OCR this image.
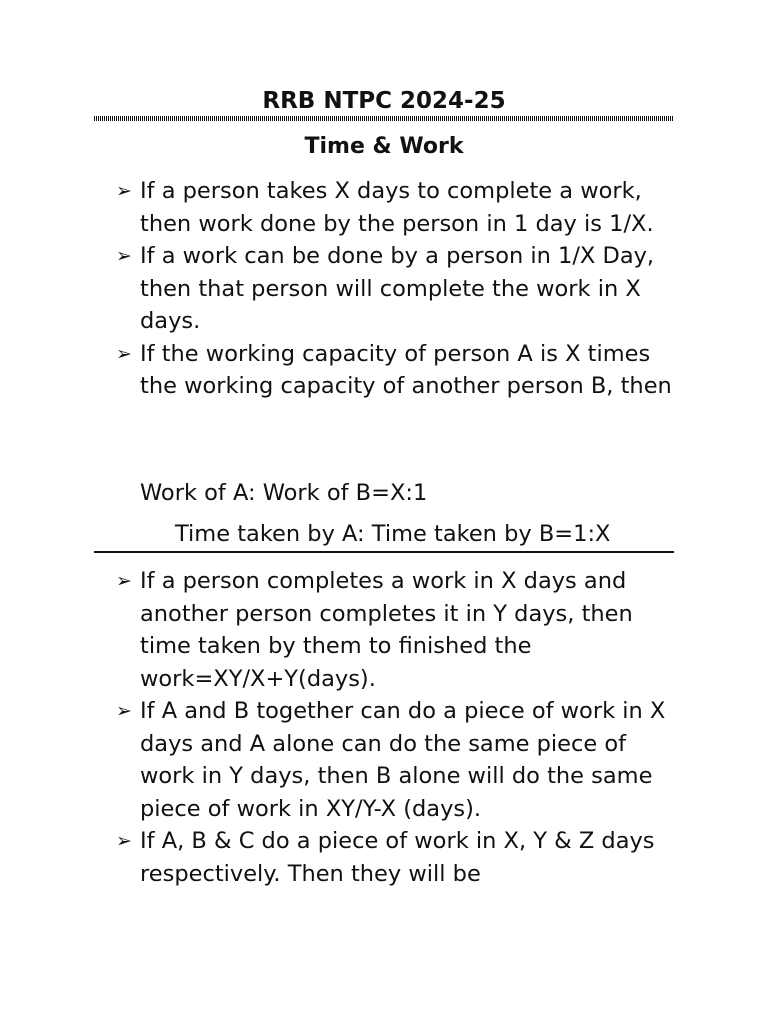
RRB NTPC 2024-25
Time & Work
➢ If a person takes X days to complete a work, then work done by the person in 1 day is 1/X.
➢ If a work can be done by a person in 1/X Day, then that person will complete the work in X days.
➢ If the working capacity of person A is X times the working capacity of another person B, then

Work of A: Work of B=X:1

Time taken by A: Time taken by B=1:X

➢ If a person completes a work in X days and another person completes it in Y days, then time taken by them to finished the work=XY/X+Y(days).
➢ If A and B together can do a piece of work in X days and A alone can do the same piece of work in Y days, then B alone will do the same piece of work in XY/Y-X (days).
➢ If A, B & C do a piece of work in X, Y & Z days respectively. Then they will be
